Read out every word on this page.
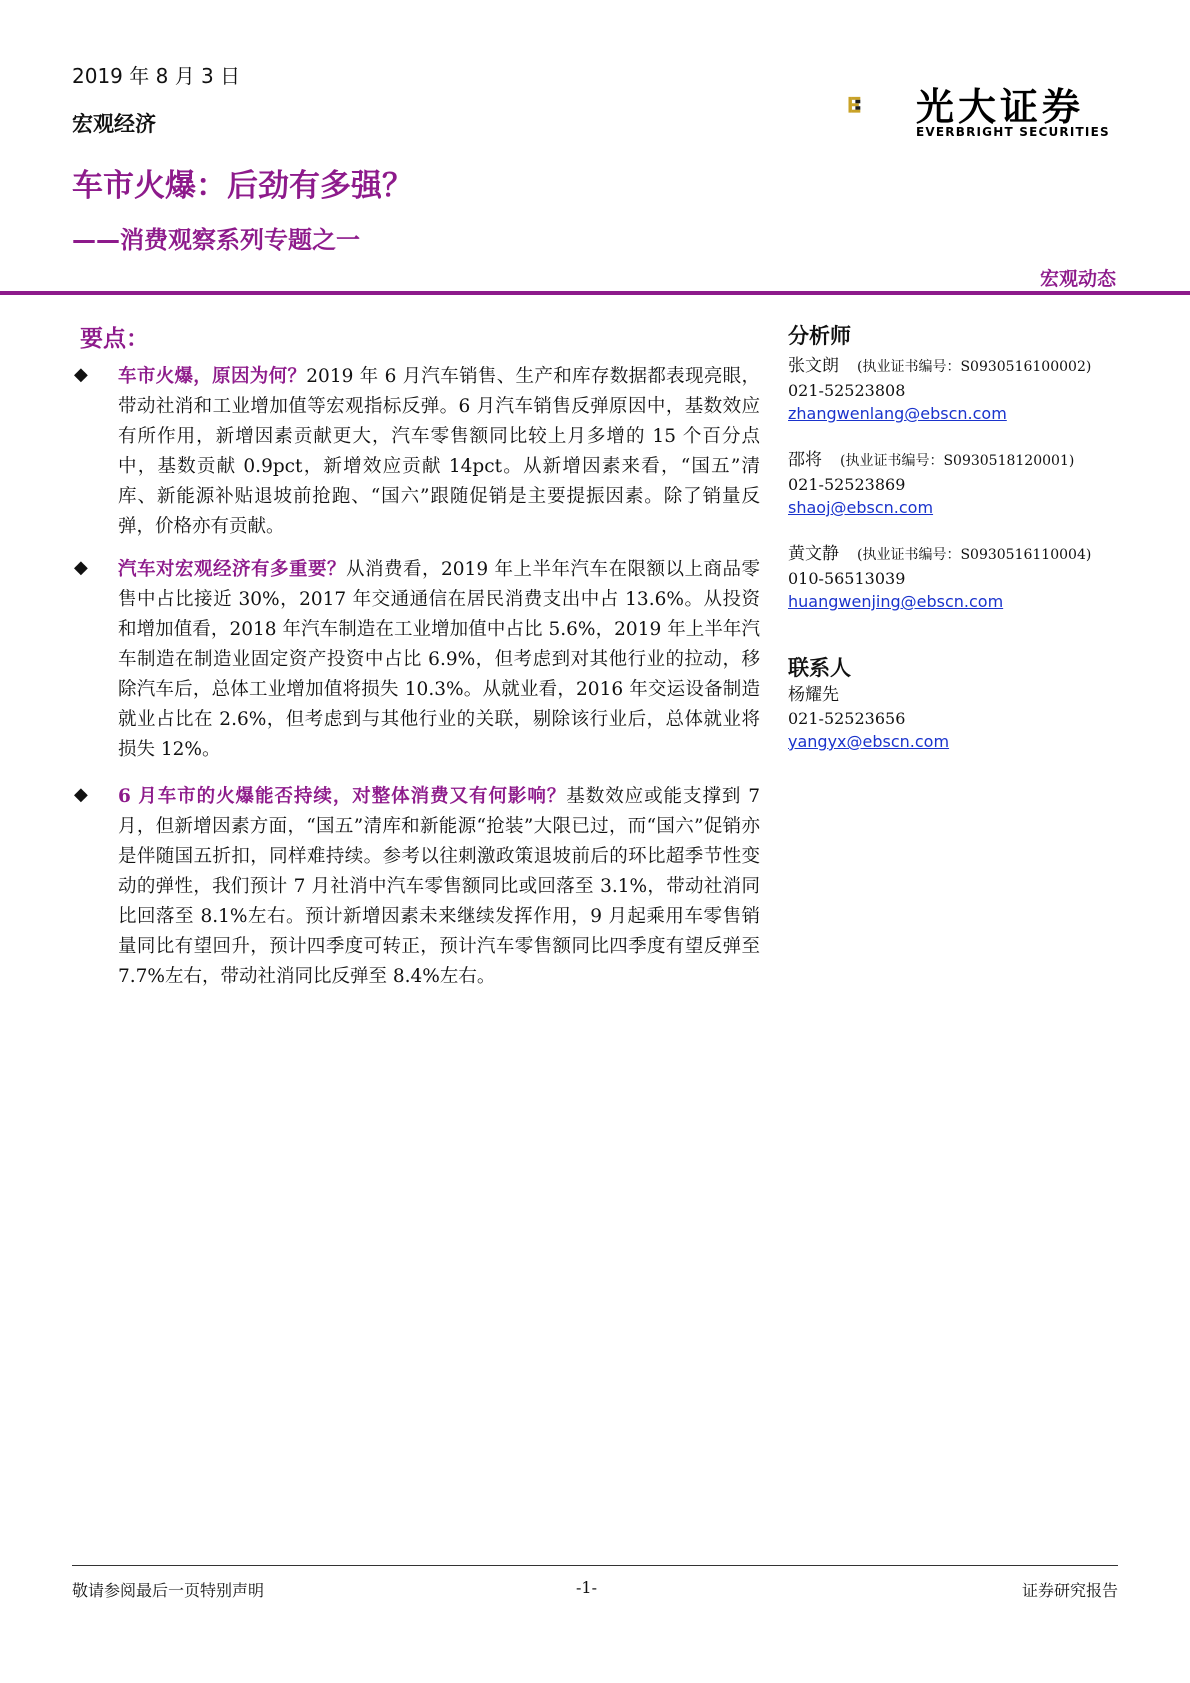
2019 年 8 月 3 日
宏观经济
车市火爆：后劲有多强？
——消费观察系列专题之一
宏观动态
光大证券
EVERBRIGHT SECURITIES
要点：
◆ 车市火爆，原因为何？2019 年 6 月汽车销售、生产和库存数据都表现亮眼，带动社消和工业增加值等宏观指标反弹。6 月汽车销售反弹原因中，基数效应有所作用，新增因素贡献更大，汽车零售额同比较上月多增的 15 个百分点中，基数贡献 0.9pct，新增效应贡献 14pct。从新增因素来看，“国五”清库、新能源补贴退坡前抢跑、“国六”跟随促销是主要提振因素。除了销量反弹，价格亦有贡献。
◆ 汽车对宏观经济有多重要？从消费看，2019 年上半年汽车在限额以上商品零售中占比接近 30%，2017 年交通通信在居民消费支出中占 13.6%。从投资和增加值看，2018 年汽车制造在工业增加值中占比 5.6%，2019 年上半年汽车制造在制造业固定资产投资中占比 6.9%，但考虑到对其他行业的拉动，移除汽车后，总体工业增加值将损失 10.3%。从就业看，2016 年交运设备制造就业占比在 2.6%，但考虑到与其他行业的关联，剔除该行业后，总体就业将损失 12%。
◆ 6 月车市的火爆能否持续，对整体消费又有何影响？基数效应或能支撑到 7 月，但新增因素方面，“国五”清库和新能源“抢装”大限已过，而“国六”促销亦是伴随国五折扣，同样难持续。参考以往刺激政策退坡前后的环比超季节性变动的弹性，我们预计 7 月社消中汽车零售额同比或回落至 3.1%，带动社消同比回落至 8.1%左右。预计新增因素未来继续发挥作用，9 月起乘用车零售销量同比有望回升，预计四季度可转正，预计汽车零售额同比四季度有望反弹至 7.7%左右，带动社消同比反弹至 8.4%左右。
分析师
张文朗 (执业证书编号：S0930516100002)
021-52523808
zhangwenlang@ebscn.com
邵将 (执业证书编号：S0930518120001)
021-52523869
shaoj@ebscn.com
黄文静 (执业证书编号：S0930516110004)
010-56513039
huangwenjing@ebscn.com
联系人
杨耀先
021-52523656
yangyx@ebscn.com
敬请参阅最后一页特别声明	-1-	证券研究报告
